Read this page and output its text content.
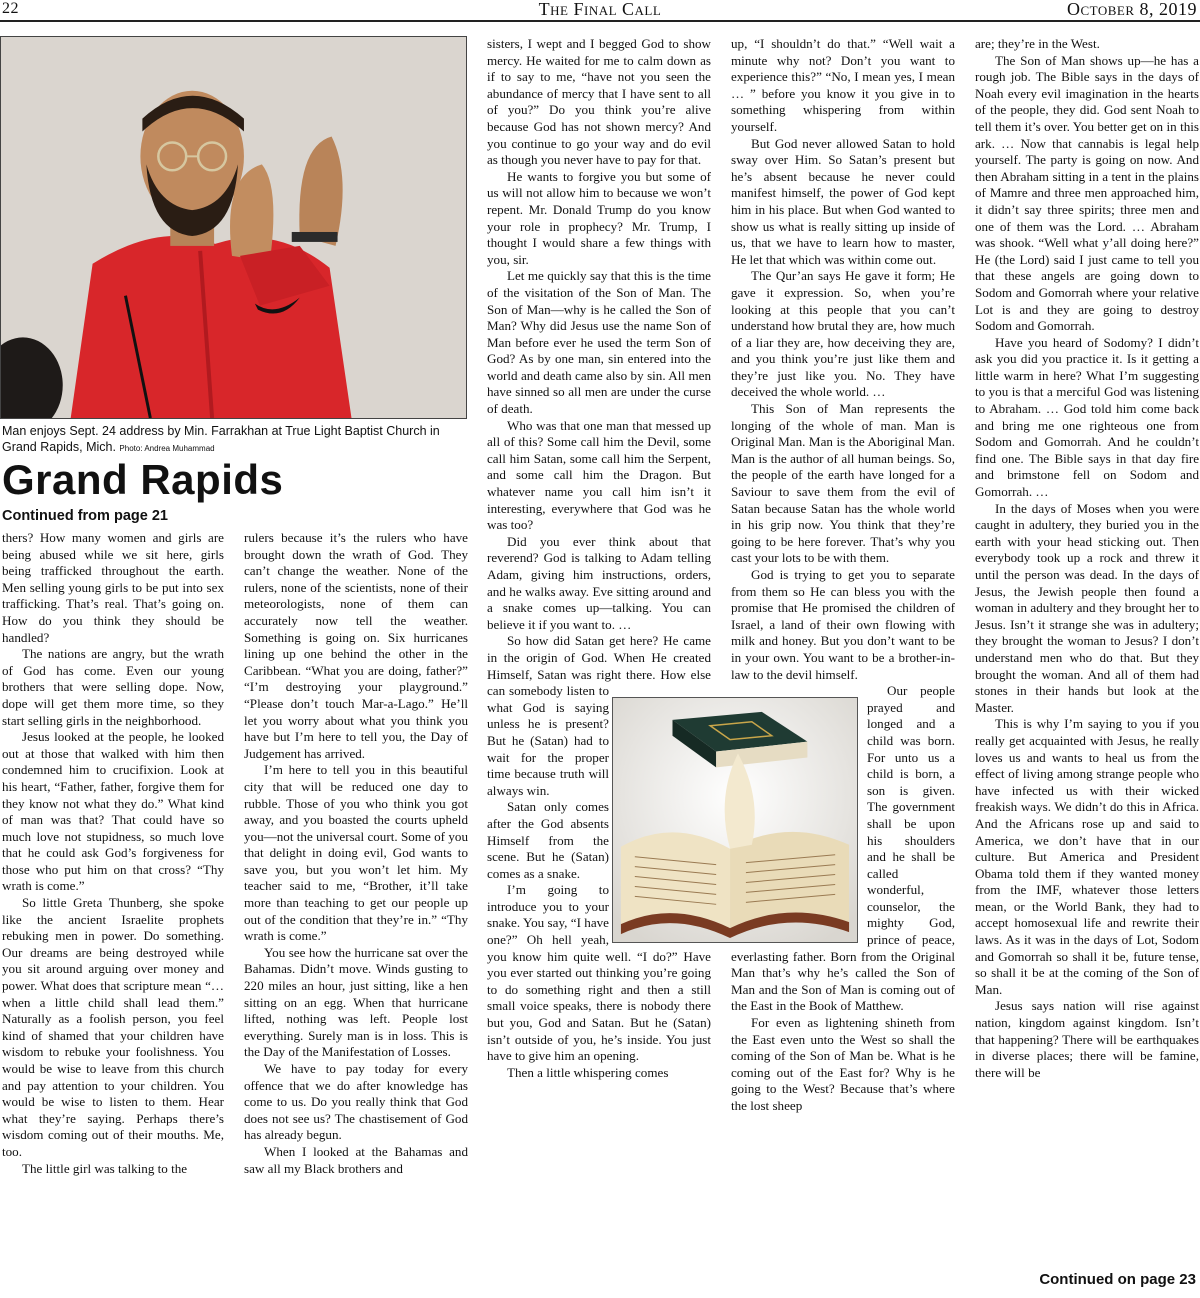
22	The Final Call	October 8, 2019
Man enjoys Sept. 24 address by Min. Farrakhan at True Light Baptist Church in Grand Rapids, Mich. Photo: Andrea Muhammad
Grand Rapids
Continued from page 21

thers? How many women and girls are being abused while we sit here, girls being trafficked throughout the earth. Men selling young girls to be put into sex trafficking. That’s real. That’s going on. How do you think they should be handled?

The nations are angry, but the wrath of God has come. Even our young brothers that were selling dope. Now, dope will get them more time, so they start selling girls in the neighborhood.

Jesus looked at the people, he looked out at those that walked with him then condemned him to crucifixion. Look at his heart, “Father, father, forgive them for they know not what they do.” What kind of man was that? That could have so much love not stupidness, so much love that he could ask God’s forgiveness for those who put him on that cross? “Thy wrath is come.”

So little Greta Thunberg, she spoke like the ancient Israelite prophets rebuking men in power. Do something. Our dreams are being destroyed while you sit around arguing over money and power. What does that scripture mean “… when a little child shall lead them.” Naturally as a foolish person, you feel kind of shamed that your children have wisdom to rebuke your foolishness. You would be wise to leave from this church and pay attention to your children. You would be wise to listen to them. Hear what they’re saying. Perhaps there’s wisdom coming out of their mouths. Me, too.

The little girl was talking to the

rulers because it’s the rulers who have brought down the wrath of God. They can’t change the weather. None of the rulers, none of the scientists, none of their meteorologists, none of them can accurately now tell the weather. Something is going on. Six hurricanes lining up one behind the other in the Caribbean. “What you are doing, father?” “I’m destroying your playground.” “Please don’t touch Mar-a-Lago.” He’ll let you worry about what you think you have but I’m here to tell you, the Day of Judgement has arrived.

I’m here to tell you in this beautiful city that will be reduced one day to rubble. Those of you who think you got away, and you boasted the courts upheld you—not the universal court. Some of you that delight in doing evil, God wants to save you, but you won’t let him. My teacher said to me, “Brother, it’ll take more than teaching to get our people up out of the condition that they’re in.” “Thy wrath is come.”

You see how the hurricane sat over the Bahamas. Didn’t move. Winds gusting to 220 miles an hour, just sitting, like a hen sitting on an egg. When that hurricane lifted, nothing was left. People lost everything. Surely man is in loss. This is the Day of the Manifestation of Losses.

We have to pay today for every offence that we do after knowledge has come to us. Do you really think that God does not see us? The chastisement of God has already begun.

When I looked at the Bahamas and saw all my Black brothers and

sisters, I wept and I begged God to show mercy. He waited for me to calm down as if to say to me, “have not you seen the abundance of mercy that I have sent to all of you?” Do you think you’re alive because God has not shown mercy? And you continue to go your way and do evil as though you never have to pay for that.

He wants to forgive you but some of us will not allow him to because we won’t repent. Mr. Donald Trump do you know your role in prophecy? Mr. Trump, I thought I would share a few things with you, sir.

Let me quickly say that this is the time of the visitation of the Son of Man. The Son of Man—why is he called the Son of Man? Why did Jesus use the name Son of Man before ever he used the term Son of God? As by one man, sin entered into the world and death came also by sin. All men have sinned so all men are under the curse of death.

Who was that one man that messed up all of this? Some call him the Devil, some call him Satan, some call him the Serpent, and some call him the Dragon. But whatever name you call him isn’t it interesting, everywhere that God was he was too?

Did you ever think about that reverend? God is talking to Adam telling Adam, giving him instructions, orders, and he walks away. Eve sitting around and a snake comes up—talking. You can believe it if you want to. …

So how did Satan get here? He came in the origin of God. When He created Himself, Satan was right there. How else can somebody listen to what God is saying unless he is present? But he (Satan) had to wait for the proper time because truth will always win.

Satan only comes after the God absents Himself from the scene. But he (Satan) comes as a snake.

I’m going to introduce you to your snake. You say, “I have one?” Oh hell yeah, you know him quite well. “I do?” Have you ever started out thinking you’re going to do something right and then a still small voice speaks, there is nobody there but you, God and Satan. But he (Satan) isn’t outside of you, he’s inside. You just have to give him an opening.

Then a little whispering comes

up, “I shouldn’t do that.” “Well wait a minute why not? Don’t you want to experience this?” “No, I mean yes, I mean … ” before you know it you give in to something whispering from within yourself.

But God never allowed Satan to hold sway over Him. So Satan’s present but he’s absent because he never could manifest himself, the power of God kept him in his place. But when God wanted to show us what is really sitting up inside of us, that we have to learn how to master, He let that which was within come out.

The Qur’an says He gave it form; He gave it expression. So, when you’re looking at this people that you can’t understand how brutal they are, how much of a liar they are, how deceiving they are, and you think you’re just like them and they’re just like you. No. They have deceived the whole world. …

This Son of Man represents the longing of the whole of man. Man is Original Man. Man is the Aboriginal Man. Man is the author of all human beings. So, the people of the earth have longed for a Saviour to save them from the evil of Satan because Satan has the whole world in his grip now. You think that they’re going to be here forever. That’s why you cast your lots to be with them.

God is trying to get you to separate from them so He can bless you with the promise that He promised the children of Israel, a land of their own flowing with milk and honey. But you don’t want to be in your own. You want to be a brother-in-law to the devil himself.

Our people prayed and longed and a child was born. For unto us a child is born, a son is given. The government shall be upon his shoulders and he shall be called wonderful, counselor, the mighty God, prince of peace, everlasting father. Born from the Original Man that’s why he’s called the Son of Man and the Son of Man is coming out of the East in the Book of Matthew.

For even as lightening shineth from the East even unto the West so shall the coming of the Son of Man be. What is he coming out of the East for? Why is he going to the West? Because that’s where the lost sheep

are; they’re in the West.

The Son of Man shows up—he has a rough job. The Bible says in the days of Noah every evil imagination in the hearts of the people, they did. God sent Noah to tell them it’s over. You better get on in this ark. … Now that cannabis is legal help yourself. The party is going on now. And then Abraham sitting in a tent in the plains of Mamre and three men approached him, it didn’t say three spirits; three men and one of them was the Lord. … Abraham was shook. “Well what y’all doing here?” He (the Lord) said I just came to tell you that these angels are going down to Sodom and Gomorrah where your relative Lot is and they are going to destroy Sodom and Gomorrah.

Have you heard of Sodomy? I didn’t ask you did you practice it. Is it getting a little warm in here? What I’m suggesting to you is that a merciful God was listening to Abraham. … God told him come back and bring me one righteous one from Sodom and Gomorrah. And he couldn’t find one. The Bible says in that day fire and brimstone fell on Sodom and Gomorrah. …

In the days of Moses when you were caught in adultery, they buried you in the earth with your head sticking out. Then everybody took up a rock and threw it until the person was dead. In the days of Jesus, the Jewish people then found a woman in adultery and they brought her to Jesus. Isn’t it strange she was in adultery; they brought the woman to Jesus? I don’t understand men who do that. But they brought the woman. And all of them had stones in their hands but look at the Master.

This is why I’m saying to you if you really get acquainted with Jesus, he really loves us and wants to heal us from the effect of living among strange people who have infected us with their wicked freakish ways. We didn’t do this in Africa. And the Africans rose up and said to America, we don’t have that in our culture. But America and President Obama told them if they wanted money from the IMF, whatever those letters mean, or the World Bank, they had to accept homosexual life and rewrite their laws. As it was in the days of Lot, Sodom and Gomorrah so shall it be, future tense, so shall it be at the coming of the Son of Man.

Jesus says nation will rise against nation, kingdom against kingdom. Isn’t that happening? There will be earthquakes in diverse places; there will be famine, there will be

Continued on page 23
